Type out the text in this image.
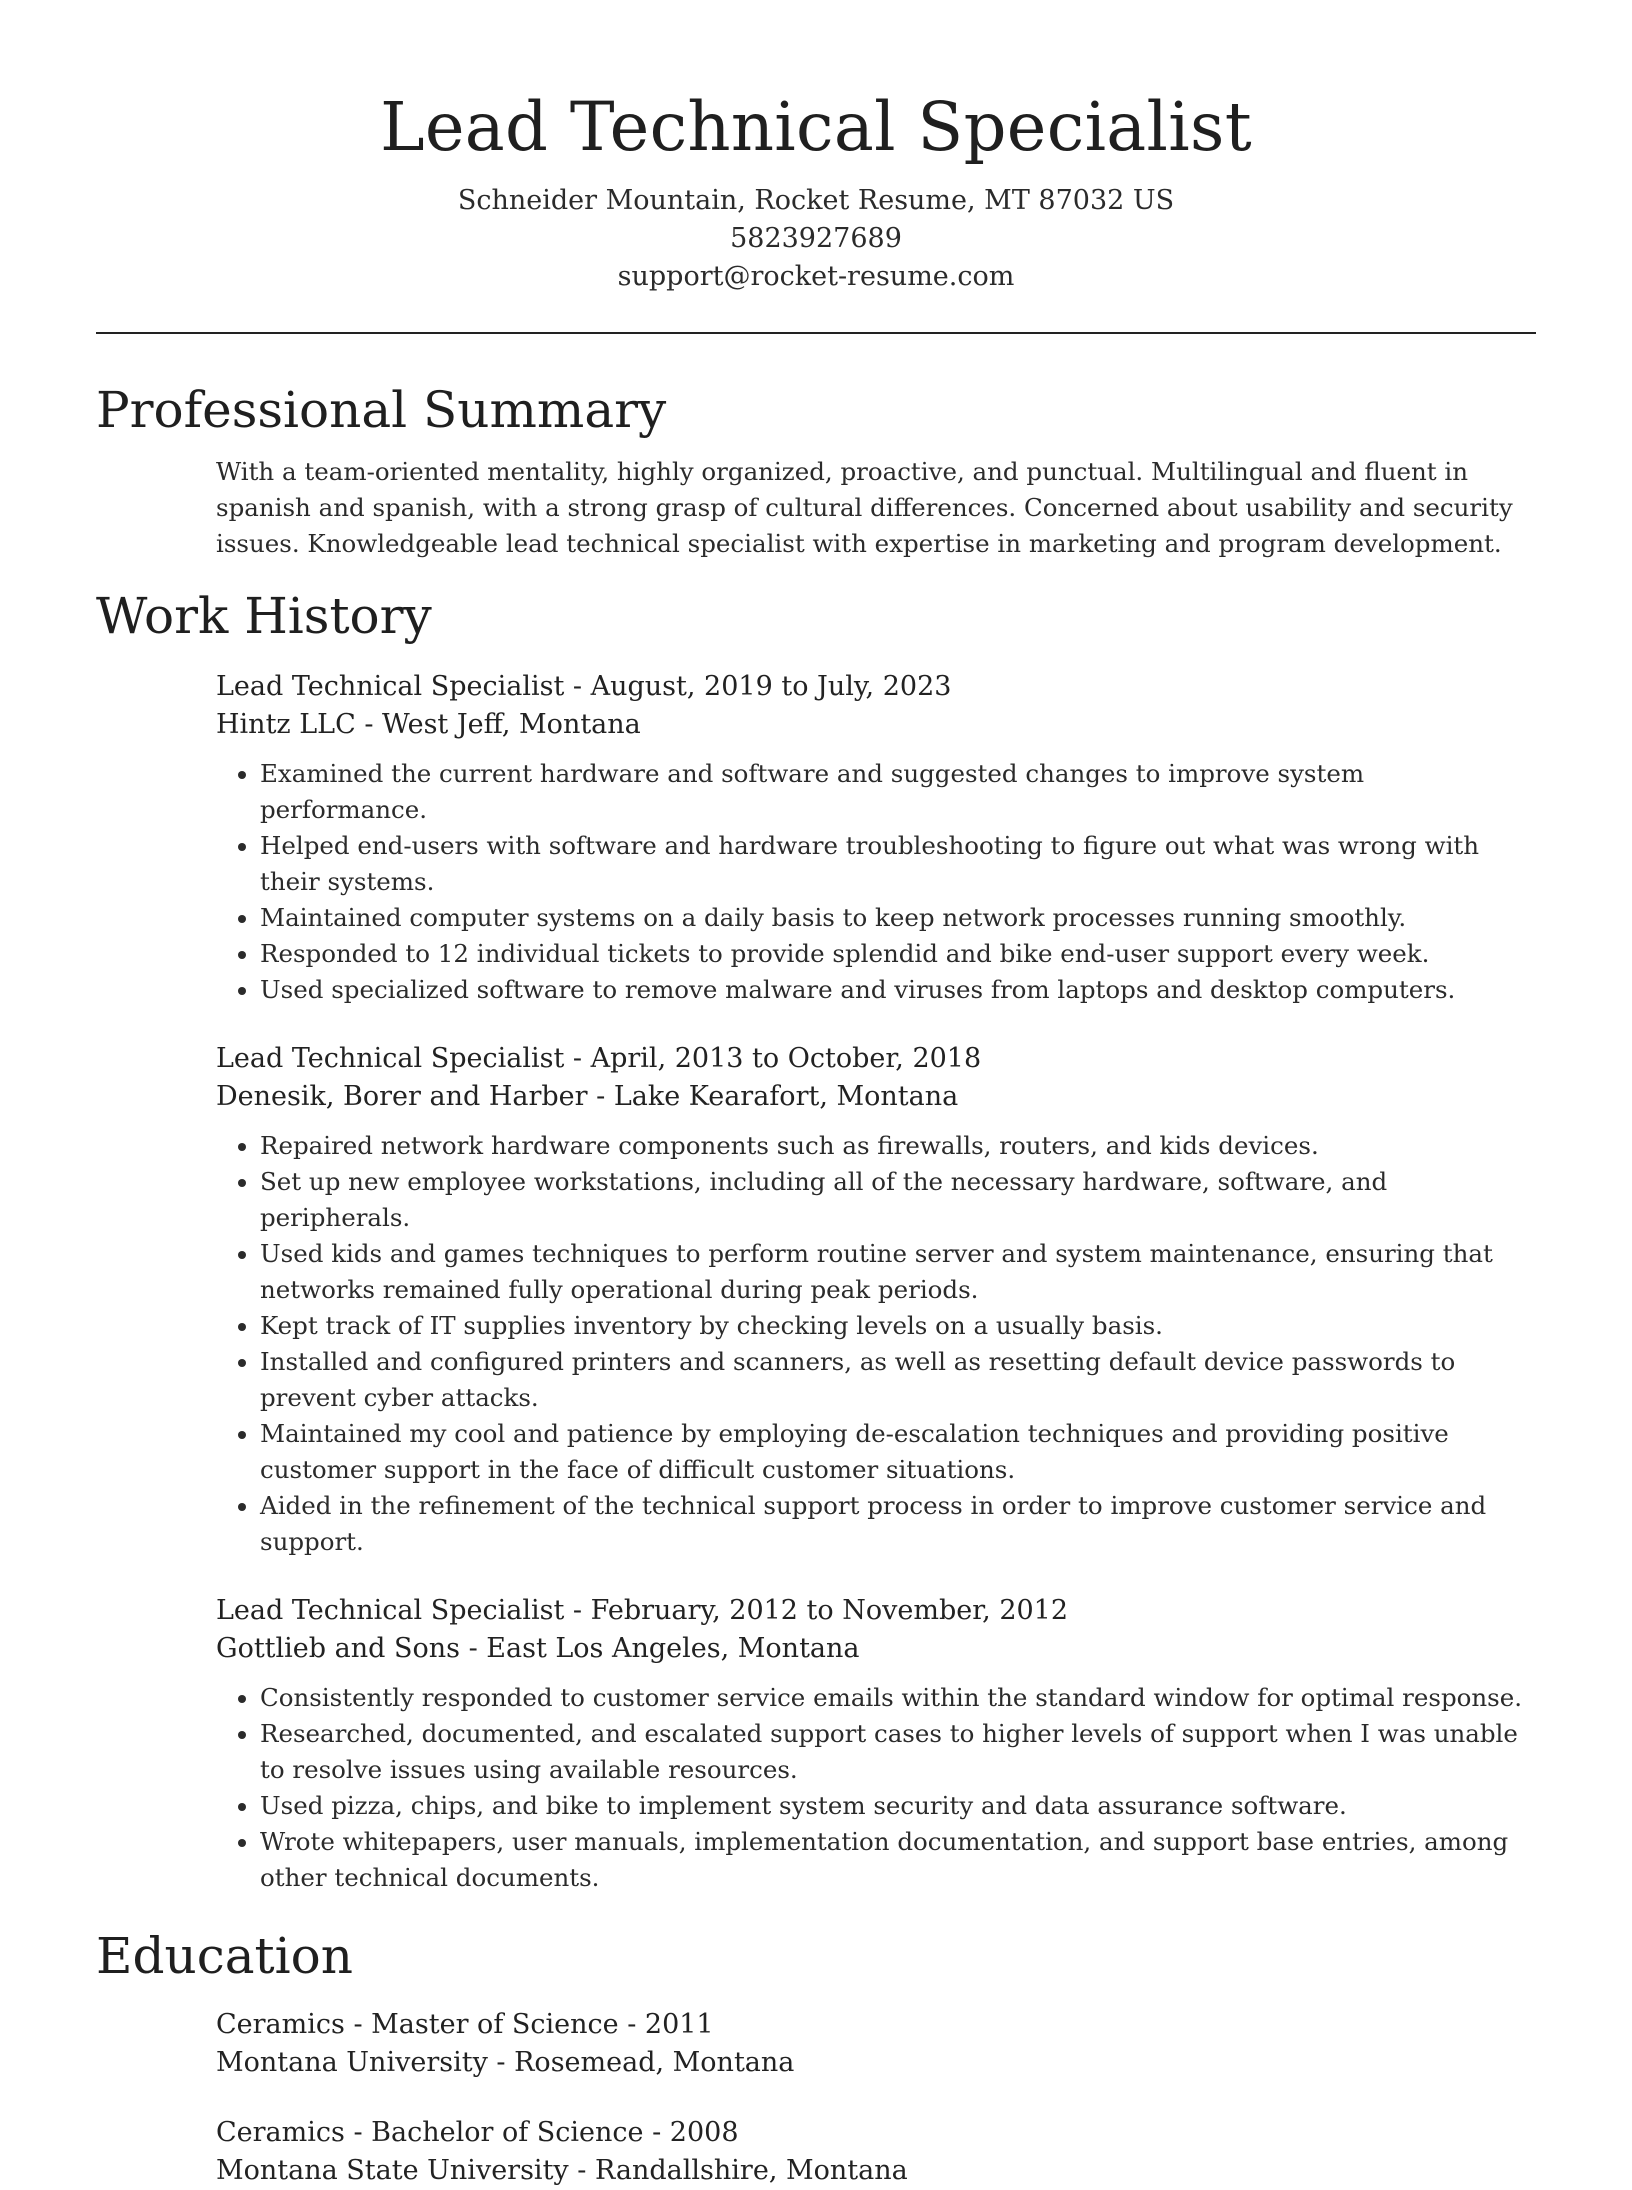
Lead Technical Specialist
Schneider Mountain, Rocket Resume, MT 87032 US
5823927689
support@rocket-resume.com
Professional Summary

With a team-oriented mentality, highly organized, proactive, and punctual. Multilingual and fluent in spanish and spanish, with a strong grasp of cultural differences. Concerned about usability and security issues. Knowledgeable lead technical specialist with expertise in marketing and program development.

Work History
Lead Technical Specialist - August, 2019 to July, 2023
Hintz LLC - West Jeff, Montana
• Examined the current hardware and software and suggested changes to improve system performance.
• Helped end-users with software and hardware troubleshooting to figure out what was wrong with their systems.
• Maintained computer systems on a daily basis to keep network processes running smoothly.
• Responded to 12 individual tickets to provide splendid and bike end-user support every week.
• Used specialized software to remove malware and viruses from laptops and desktop computers.
Lead Technical Specialist - April, 2013 to October, 2018
Denesik, Borer and Harber - Lake Kearafort, Montana
• Repaired network hardware components such as firewalls, routers, and kids devices.
• Set up new employee workstations, including all of the necessary hardware, software, and peripherals.
• Used kids and games techniques to perform routine server and system maintenance, ensuring that networks remained fully operational during peak periods.
• Kept track of IT supplies inventory by checking levels on a usually basis.
• Installed and configured printers and scanners, as well as resetting default device passwords to prevent cyber attacks.
• Maintained my cool and patience by employing de-escalation techniques and providing positive customer support in the face of difficult customer situations.
• Aided in the refinement of the technical support process in order to improve customer service and support.
Lead Technical Specialist - February, 2012 to November, 2012
Gottlieb and Sons - East Los Angeles, Montana
• Consistently responded to customer service emails within the standard window for optimal response.
• Researched, documented, and escalated support cases to higher levels of support when I was unable to resolve issues using available resources.
• Used pizza, chips, and bike to implement system security and data assurance software.
• Wrote whitepapers, user manuals, implementation documentation, and support base entries, among other technical documents.
Education
Ceramics - Master of Science - 2011
Montana University - Rosemead, Montana
Ceramics - Bachelor of Science - 2008
Montana State University - Randallshire, Montana
